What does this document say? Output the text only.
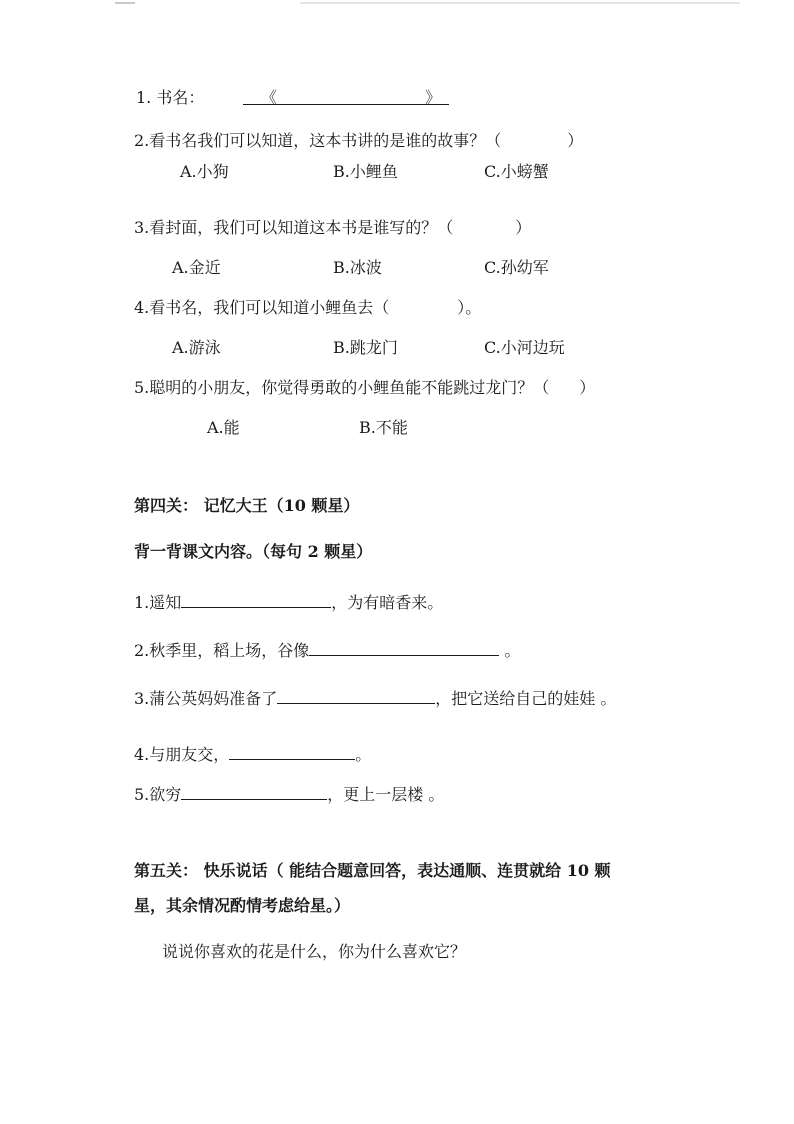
1. 书名：	《	》
2.看书名我们可以知道，这本书讲的是谁的故事？（	）
A.小狗	B.小鲤鱼	C.小螃蟹
3.看封面，我们可以知道这本书是谁写的？（	）
A.金近	B.冰波	C.孙幼军
4.看书名，我们可以知道小鲤鱼去（	）。
A.游泳	B.跳龙门	C.小河边玩
5.聪明的小朋友，你觉得勇敢的小鲤鱼能不能跳过龙门？（ ）
A.能	B.不能
第四关： 记忆大王（10 颗星）
背一背课文内容。（每句 2 颗星）
1.遥知	，为有暗香来。
2.秋季里，稻上场，谷像	。
3.蒲公英妈妈准备了	，把它送给自己的娃娃 。
4.与朋友交，	。
5.欲穷	，更上一层楼 。
第五关： 快乐说话（ 能结合题意回答，表达通顺、连贯就给 10 颗
星，其余情况酌情考虑给星。）
说说你喜欢的花是什么，你为什么喜欢它？
